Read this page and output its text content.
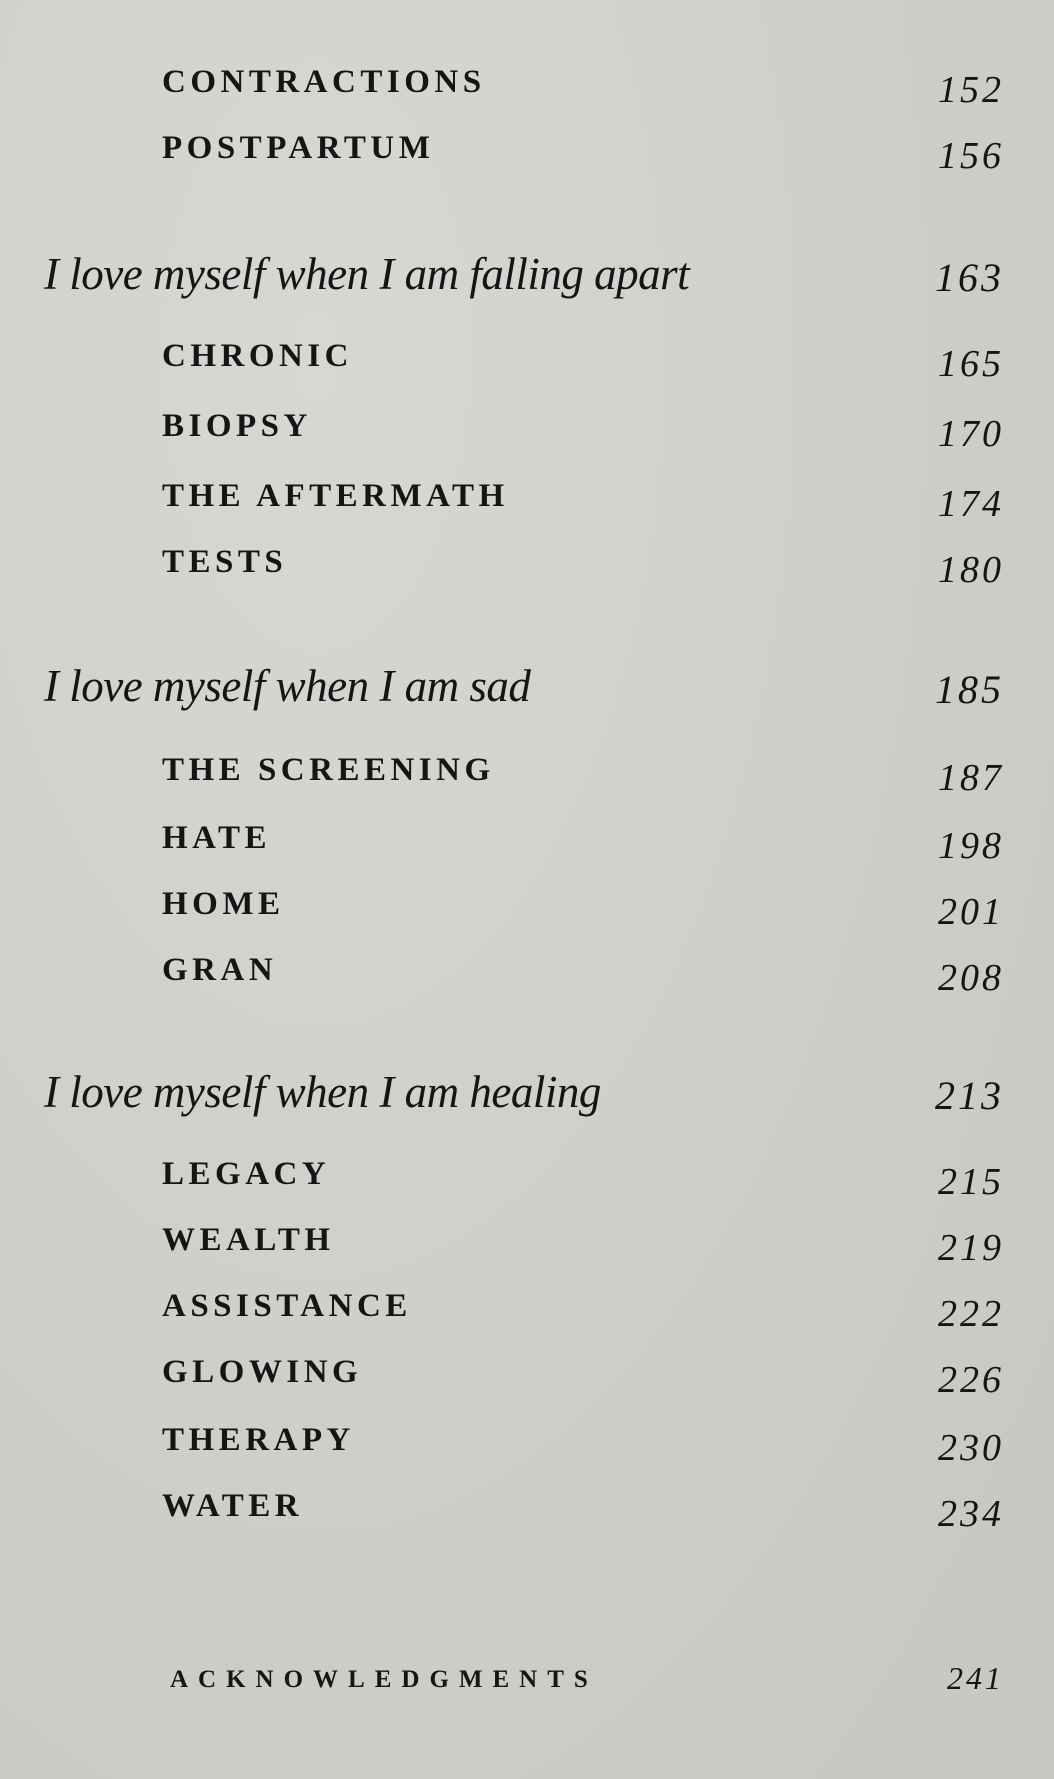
CONTRACTIONS	152
POSTPARTUM	156
I love myself when I am falling apart	163
CHRONIC	165
BIOPSY	170
THE AFTERMATH	174
TESTS	180
I love myself when I am sad	185
THE SCREENING	187
HATE	198
HOME	201
GRAN	208
I love myself when I am healing	213
LEGACY	215
WEALTH	219
ASSISTANCE	222
GLOWING	226
THERAPY	230
WATER	234
ACKNOWLEDGMENTS	241
